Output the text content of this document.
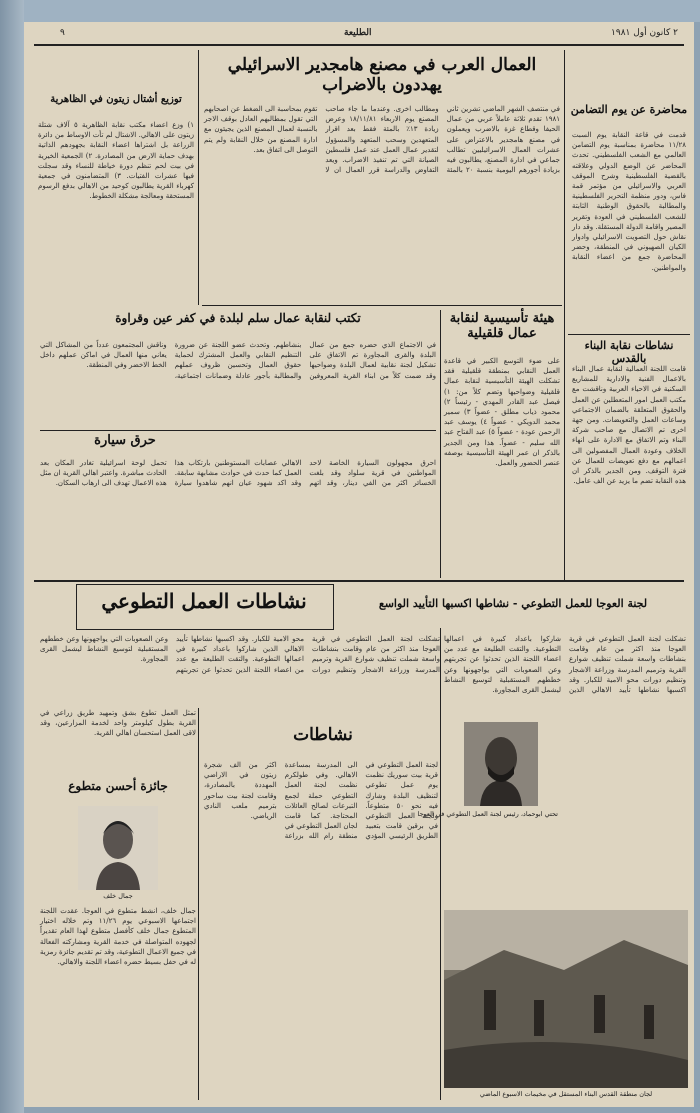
٢ كانون أول ١٩٨١
الطليعة
٩
العمال العرب في مصنع هامجدير الاسرائيلي يهددون بالاضراب
في منتصف الشهر الماضي تشرين ثاني ١٩٨١ تقدم ثلاثة عاملاً عربي من عمال الحيفا وقطاع غزة بالاضرب ويعملون في مصنع هامجدير بالاعتراض على عشرات العمال الاسرائيليين تطالب جماعي في ادارة المصنع، يطالبون فيه بزيادة أجورهم اليومية بنسبة ٢٠ بالمئة ومطالب اخرى. وعندما ما جاء صاحب المصنع يوم الاربعاء ١٨/١١/٨١ وعرض زيادة ١٣٪ بالمئة فقط بعد اقرار المتعهدين وسحب المتعهد والمسؤول لتقدير عمال العمل عند عمل فلسطين الصيانة التي تم تنفيذ الاضراب. ويعد التفاوض والدراسة قرر العمال ان لا تقوم بمحاسبة الى الضغط عن اصحابهم التي تقول بمطالبهم العادل بوقف الاجر بالنسبة لعمال المصنع الذين يجيئون مع ادارة المصنع من خلال النقابة ولم يتم التوصل الى اتفاق بعد.
محاضرة عن يوم التضامن
قدمت في قاعة النقابة يوم السبت ١١/٢٨ محاضرة بمناسبة يوم التضامن العالمي مع الشعب الفلسطيني. تحدث المحاضر عن الوضع الدولي وعلاقته بالقضية الفلسطينية وشرح الموقف العربي والاسرائيلي من مؤتمر قمة فاس، ودور منظمة التحرير الفلسطينية والمطالبة بالحقوق الوطنية الثابتة للشعب الفلسطيني في العودة وتقرير المصير واقامة الدولة المستقلة. وقد دار نقاش حول التصويت الاسرائيلي وادوار الكيان الصهيوني في المنطقة، وحضر المحاضرة جمع من اعضاء النقابة والمواطنين.
توزيع أشتال زيتون في الظاهرية
١) وزع اعضاء مكتب نقابة الظاهرية ٥ آلاف شتلة زيتون على الاهالي. الاشتال لم تأت الاوساط من دائرة الزراعة بل اشتراها اعضاء النقابة بجهودهم الذاتية بهدف حماية الارض من المصادرة. ٢) الجمعية الخيرية في بيت لحم تنظم دورة خياطة للنساء وقد سجلت فيها عشرات الفتيات. ٣) المتضامنون في جمعية كهرباء القرية يطالبون كوحيد من الاهالي بدفع الرسوم المستحقة ومعالجة مشكلة الخطوط.
هيئة تأسيسية لنقابة عمال قلقيلية
على ضوء التوسع الكبير في قاعدة العمل النقابي بمنطقة قلقيلية فقد تشكلت الهيئة التأسيسية لنقابة عمال قلقيلية وضواحيها وتضم كلاً من: ١) فيصل عبد القادر المهدي - رئيساً ٢) محمود ذياب مطلق - عضواً ٣) سمير محمد الدويكي - عضواً ٤) يوسف عبد الرحمن عودة - عضواً ٥) عبد الفتاح عبد الله سليم - عضواً. هذا ومن الجدير بالذكر ان عمر الهيئة التأسيسية بوصفه عنصر الحضور والعمل.
نشاطات نقابة البناء بالقدس
قامت اللجنة العمالية لنقابة عمال البناء بالاعمال الفنية والادارية للمشاريع السكنية في الاحياء العربية وناقشت مع مكتب العمل امور المتعطلين عن العمل والحقوق المتعلقة بالضمان الاجتماعي وساعات العمل والتعويضات. ومن جهة اخرى تم الاتصال مع صاحب شركة البناء وتم الاتفاق مع الادارة على انهاء الخلاف وعودة العمال المفصولين الى اعمالهم مع دفع تعويضات للعمال عن فترة التوقف. ومن الجدير بالذكر ان هذه النقابة تضم ما يزيد عن الف عامل.
تكتب لنقابة عمال سلم لبلدة في كفر عين وقراوة
في الاجتماع الذي حضره جمع من عمال البلدة والقرى المجاورة تم الاتفاق على تشكيل لجنة نقابية لعمال البلدة وضواحيها وقد ضمت كلاً من ابناء القرية المعروفين بنشاطهم. وتحدث عضو اللجنة عن ضرورة التنظيم النقابي والعمل المشترك لحماية حقوق العمال وتحسين ظروف عملهم والمطالبة بأجور عادلة وضمانات اجتماعية، وناقش المجتمعون عدداً من المشاكل التي يعاني منها العمال في اماكن عملهم داخل الخط الاخضر وفي المنطقة.
حرق سيارة
احرق مجهولون السيارة الخاصة لاحد المواطنين في قرية سلواد وقد بلغت الخسائر اكثر من الفي دينار، وقد اتهم الاهالي عصابات المستوطنين بارتكاب هذا العمل كما حدث في حوادث مشابهة سابقة. وقد اكد شهود عيان انهم شاهدوا سيارة تحمل لوحة اسرائيلية تغادر المكان بعد الحادث مباشرة. واعتبر اهالي القرية ان مثل هذه الاعمال تهدف الى ارهاب السكان.
نشاطات العمل التطوعي	لجنة العوجا للعمل التطوعي - نشاطها اكسبها التأييد الواسع
تشكلت لجنة العمل التطوعي في قرية العوجا منذ اكثر من عام وقامت بنشاطات واسعة شملت تنظيف شوارع القرية وترميم المدرسة وزراعة الاشجار وتنظيم دورات محو الامية للكبار. وقد اكسبها نشاطها تأييد الاهالي الذين شاركوا باعداد كبيرة في اعمالها التطوعية. والتقت الطليعة مع عدد من اعضاء اللجنة الذين تحدثوا عن تجربتهم وعن الصعوبات التي يواجهونها وعن خططهم المستقبلية لتوسيع النشاط ليشمل القرى المجاورة.
تشكلت لجنة العمل التطوعي في قرية العوجا منذ اكثر من عام وقامت بنشاطات واسعة شملت تنظيف شوارع القرية وترميم المدرسة وزراعة الاشجار وتنظيم دورات محو الامية للكبار. وقد اكسبها نشاطها تأييد الاهالي الذين شاركوا باعداد كبيرة في اعمالها التطوعية. والتقت الطليعة مع عدد من اعضاء اللجنة الذين تحدثوا عن تجربتهم وعن الصعوبات التي يواجهونها وعن خططهم المستقبلية لتوسيع النشاط ليشمل القرى المجاورة.
تمثل العمل تطوع بشق وتمهيد طريق زراعي في القرية بطول كيلومتر واحد لخدمة المزارعين، وقد لاقى العمل استحسان اهالي القرية.	نشاطات
لجنة العمل التطوعي في قرية بيت سوريك نظمت يوم عمل تطوعي لتنظيف البلدة وشارك فيه نحو ٥٠ متطوعاً. ولجنة العمل التطوعي في برقين قامت بتعبيد الطريق الرئيسي المؤدي الى المدرسة بمساعدة الاهالي. وفي طولكرم نظمت لجنة العمل التطوعي حملة لجمع التبرعات لصالح العائلات المحتاجة. كما قامت لجان العمل التطوعي في منطقة رام الله بزراعة اكثر من الف شجرة زيتون في الاراضي المهددة بالمصادرة، وقامت لجنة بيت ساحور بترميم ملعب النادي الرياضي.
جائزة أحسن متطوع
جمال خلف
جمال خلف، انشط متطوع في العوجا. عقدت اللجنة اجتماعها الاسبوعي يوم ١١/٢٦ وتم خلاله اختيار المتطوع جمال خلف كأفضل متطوع لهذا العام تقديراً لجهوده المتواصلة في خدمة القرية ومشاركته الفعالة في جميع الاعمال التطوعية، وقد تم تقديم جائزة رمزية له في حفل بسيط حضره اعضاء اللجنة والاهالي.
تحتي ابوحماد، رئيس لجنة العمل التطوعي في العوجا
لجان منطقة القدس البناء المستقل في مخيمات الاسبوع الماضي
